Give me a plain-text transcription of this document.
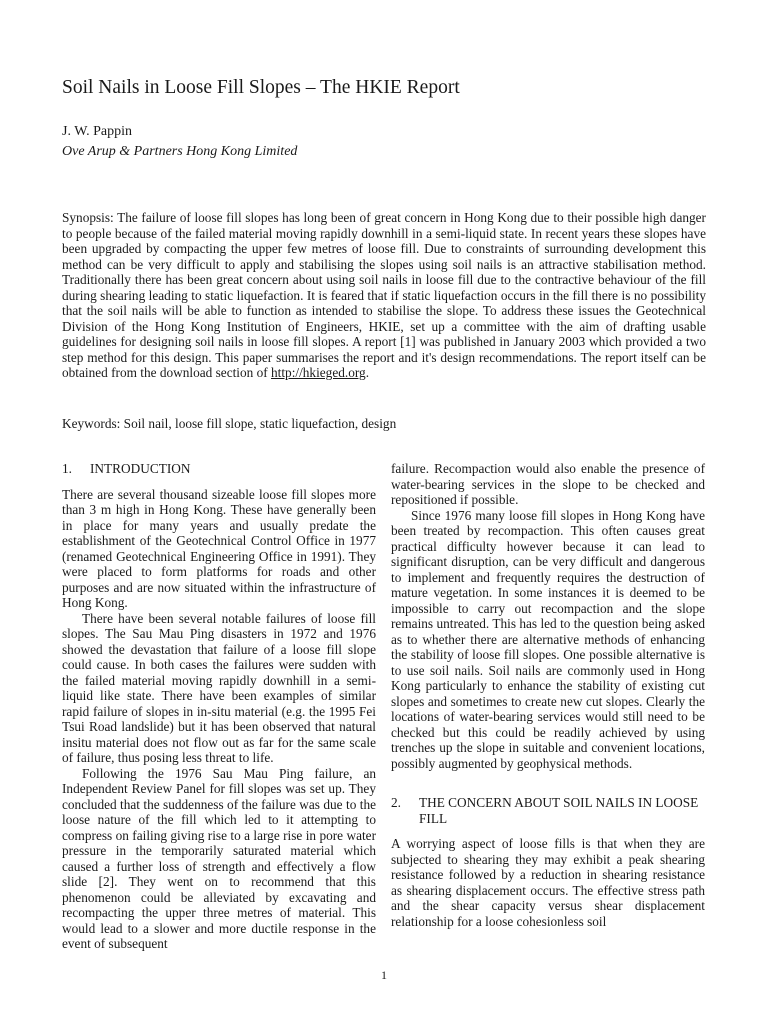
Soil Nails in Loose Fill Slopes – The HKIE Report
J. W. Pappin
Ove Arup & Partners Hong Kong Limited

Synopsis: The failure of loose fill slopes has long been of great concern in Hong Kong due to their possible high danger to people because of the failed material moving rapidly downhill in a semi-liquid state. In recent years these slopes have been upgraded by compacting the upper few metres of loose fill. Due to constraints of surrounding development this method can be very difficult to apply and stabilising the slopes using soil nails is an attractive stabilisation method. Traditionally there has been great concern about using soil nails in loose fill due to the contractive behaviour of the fill during shearing leading to static liquefaction. It is feared that if static liquefaction occurs in the fill there is no possibility that the soil nails will be able to function as intended to stabilise the slope. To address these issues the Geotechnical Division of the Hong Kong Institution of Engineers, HKIE, set up a committee with the aim of drafting usable guidelines for designing soil nails in loose fill slopes. A report [1] was published in January 2003 which provided a two step method for this design. This paper summarises the report and it's design recommendations. The report itself can be obtained from the download section of http://hkieged.org.

Keywords: Soil nail, loose fill slope, static liquefaction, design

1.	INTRODUCTION

There are several thousand sizeable loose fill slopes more than 3 m high in Hong Kong. These have generally been in place for many years and usually predate the establishment of the Geotechnical Control Office in 1977 (renamed Geotechnical Engineering Office in 1991). They were placed to form platforms for roads and other purposes and are now situated within the infrastructure of Hong Kong.

There have been several notable failures of loose fill slopes. The Sau Mau Ping disasters in 1972 and 1976 showed the devastation that failure of a loose fill slope could cause. In both cases the failures were sudden with the failed material moving rapidly downhill in a semi-liquid like state. There have been examples of similar rapid failure of slopes in in-situ material (e.g. the 1995 Fei Tsui Road landslide) but it has been observed that natural insitu material does not flow out as far for the same scale of failure, thus posing less threat to life.

Following the 1976 Sau Mau Ping failure, an Independent Review Panel for fill slopes was set up. They concluded that the suddenness of the failure was due to the loose nature of the fill which led to it attempting to compress on failing giving rise to a large rise in pore water pressure in the temporarily saturated material which caused a further loss of strength and effectively a flow slide [2]. They went on to recommend that this phenomenon could be alleviated by excavating and recompacting the upper three metres of material. This would lead to a slower and more ductile response in the event of subsequent

failure. Recompaction would also enable the presence of water-bearing services in the slope to be checked and repositioned if possible.

Since 1976 many loose fill slopes in Hong Kong have been treated by recompaction. This often causes great practical difficulty however because it can lead to significant disruption, can be very difficult and dangerous to implement and frequently requires the destruction of mature vegetation. In some instances it is deemed to be impossible to carry out recompaction and the slope remains untreated. This has led to the question being asked as to whether there are alternative methods of enhancing the stability of loose fill slopes. One possible alternative is to use soil nails. Soil nails are commonly used in Hong Kong particularly to enhance the stability of existing cut slopes and sometimes to create new cut slopes. Clearly the locations of water-bearing services would still need to be checked but this could be readily achieved by using trenches up the slope in suitable and convenient locations, possibly augmented by geophysical methods.

2.	THE CONCERN ABOUT SOIL NAILS IN LOOSE FILL

A worrying aspect of loose fills is that when they are subjected to shearing they may exhibit a peak shearing resistance followed by a reduction in shearing resistance as shearing displacement occurs. The effective stress path and the shear capacity versus shear displacement relationship for a loose cohesionless soil

1
